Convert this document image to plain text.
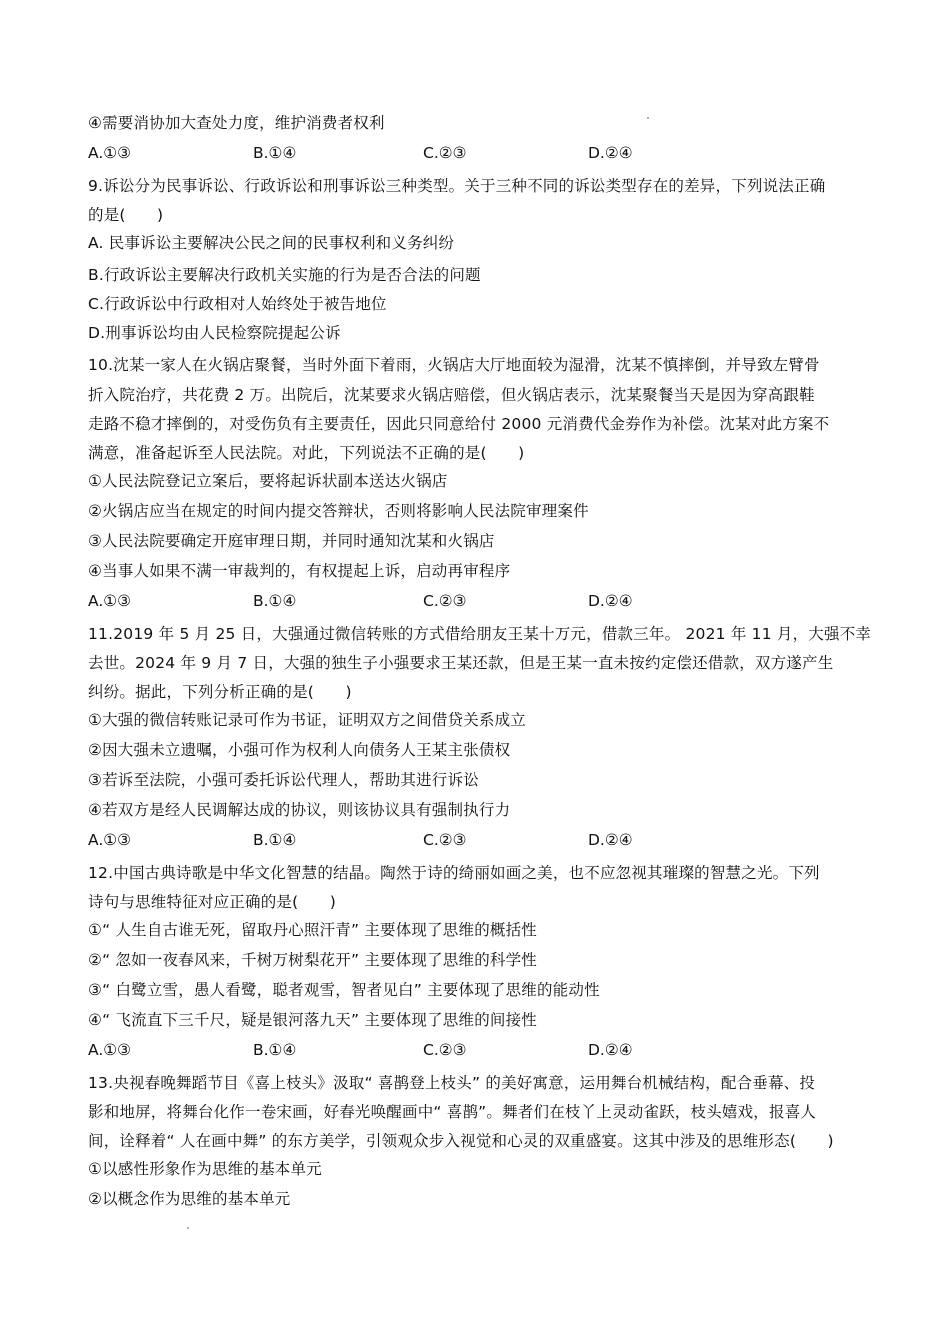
④需要消协加大查处力度，维护消费者权利
A.①③	B.①④	C.②③	D.②④
9.诉讼分为民事诉讼、行政诉讼和刑事诉讼三种类型。关于三种不同的诉讼类型存在的差异，下列说法正确
的是(　　)
A. 民事诉讼主要解决公民之间的民事权利和义务纠纷
B.行政诉讼主要解决行政机关实施的行为是否合法的问题
C.行政诉讼中行政相对人始终处于被告地位
D.刑事诉讼均由人民检察院提起公诉
10.沈某一家人在火锅店聚餐，当时外面下着雨，火锅店大厅地面较为湿滑，沈某不慎摔倒，并导致左臂骨
折入院治疗，共花费 2 万。出院后，沈某要求火锅店赔偿，但火锅店表示，沈某聚餐当天是因为穿高跟鞋
走路不稳才摔倒的，对受伤负有主要责任，因此只同意给付 2000 元消费代金券作为补偿。沈某对此方案不
满意，准备起诉至人民法院。对此，下列说法不正确的是(　　)
①人民法院登记立案后，要将起诉状副本送达火锅店
②火锅店应当在规定的时间内提交答辩状，否则将影响人民法院审理案件
③人民法院要确定开庭审理日期，并同时通知沈某和火锅店
④当事人如果不满一审裁判的，有权提起上诉，启动再审程序
A.①③	B.①④	C.②③	D.②④
11.2019 年 5 月 25 日，大强通过微信转账的方式借给朋友王某十万元，借款三年。 2021 年 11 月，大强不幸
去世。2024 年 9 月 7 日，大强的独生子小强要求王某还款，但是王某一直未按约定偿还借款，双方遂产生
纠纷。据此，下列分析正确的是(　　)
①大强的微信转账记录可作为书证，证明双方之间借贷关系成立
②因大强未立遗嘱，小强可作为权利人向债务人王某主张债权
③若诉至法院，小强可委托诉讼代理人，帮助其进行诉讼
④若双方是经人民调解达成的协议，则该协议具有强制执行力
A.①③	B.①④	C.②③	D.②④
12.中国古典诗歌是中华文化智慧的结晶。陶然于诗的绮丽如画之美，也不应忽视其璀璨的智慧之光。下列
诗句与思维特征对应正确的是(　　)
①“ 人生自古谁无死，留取丹心照汗青” 主要体现了思维的概括性
②“ 忽如一夜春风来，千树万树梨花开” 主要体现了思维的科学性
③“ 白鹭立雪，愚人看鹭，聪者观雪，智者见白” 主要体现了思维的能动性
④“ 飞流直下三千尺，疑是银河落九天” 主要体现了思维的间接性
A.①③	B.①④	C.②③	D.②④
13.央视春晚舞蹈节目《喜上枝头》汲取“ 喜鹊登上枝头” 的美好寓意，运用舞台机械结构，配合垂幕、投
影和地屏，将舞台化作一卷宋画，好春光唤醒画中“ 喜鹊”。舞者们在枝丫上灵动雀跃，枝头嬉戏，报喜人
间，诠释着“ 人在画中舞” 的东方美学，引领观众步入视觉和心灵的双重盛宴。这其中涉及的思维形态(　　)
①以感性形象作为思维的基本单元
②以概念作为思维的基本单元
